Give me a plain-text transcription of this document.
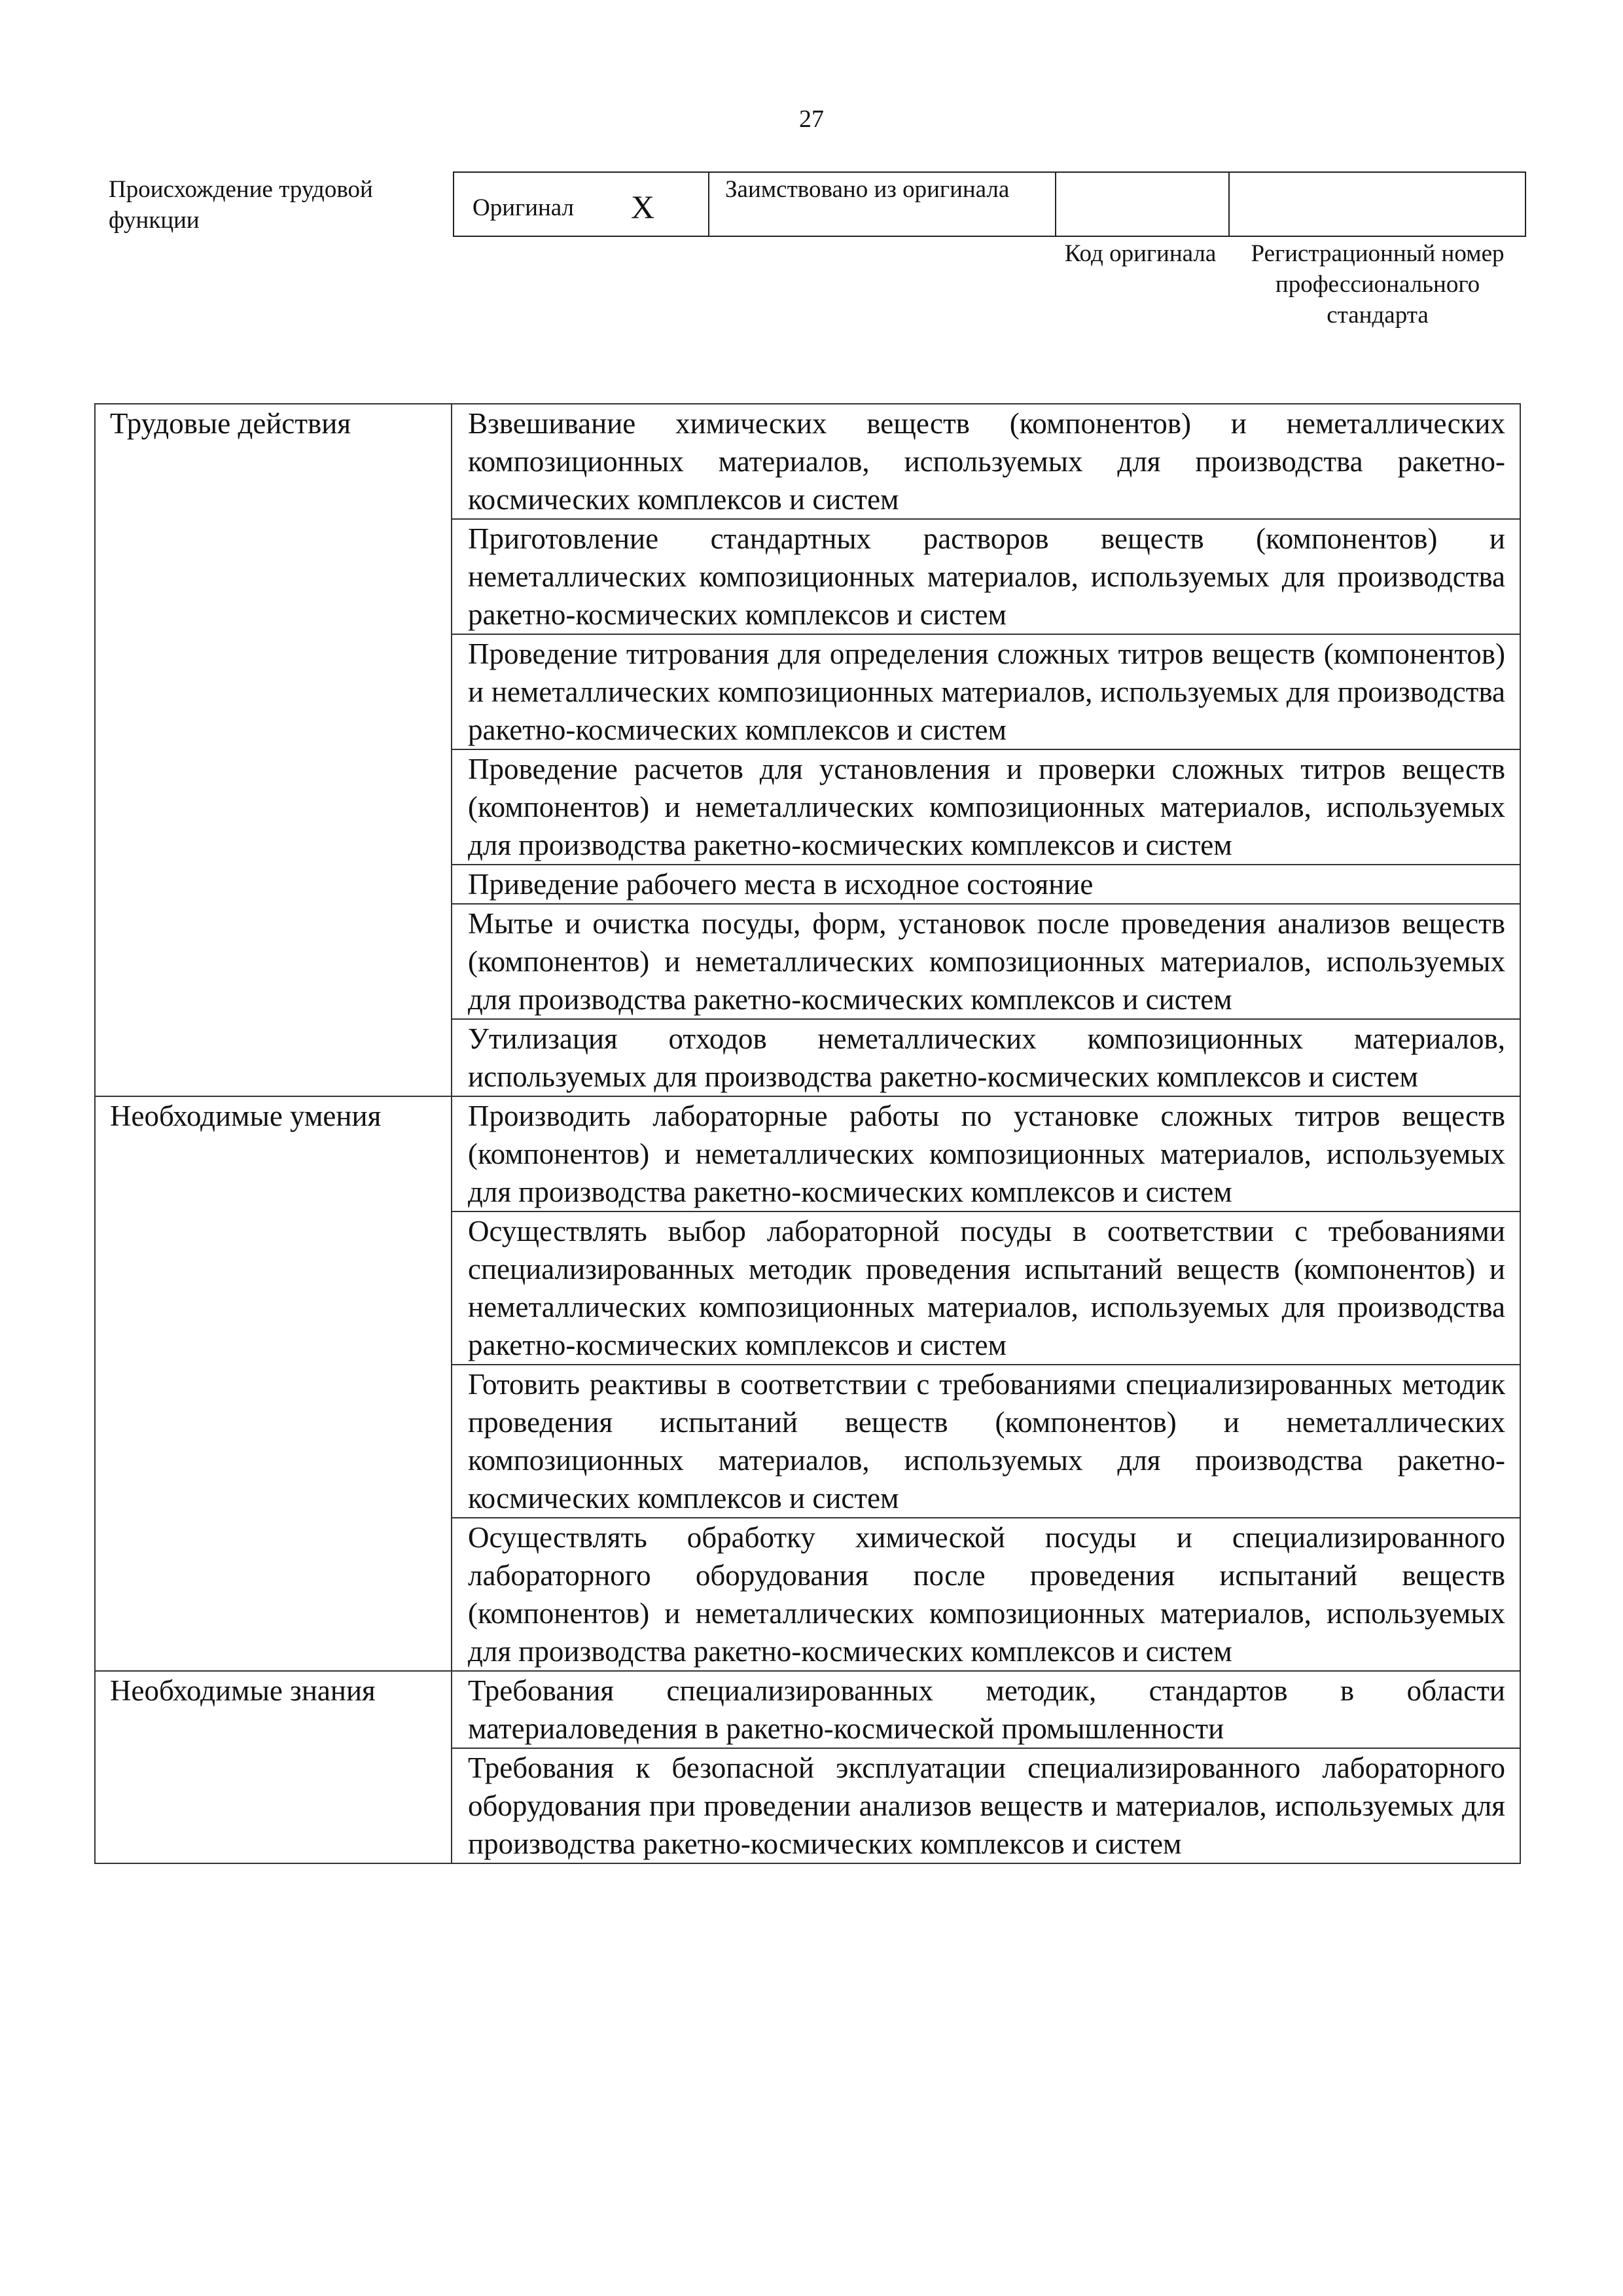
27
Происхождение трудовой функции	Оригинал X	Заимствовано из оригинала
Код оригинала	Регистрационный номер профессионального стандарта
Трудовые действия	Взвешивание химических веществ (компонентов) и неметаллических композиционных материалов, используемых для производства ракетно-космических комплексов и систем
	Приготовление стандартных растворов веществ (компонентов) и неметаллических композиционных материалов, используемых для производства ракетно-космических комплексов и систем
	Проведение титрования для определения сложных титров веществ (компонентов) и неметаллических композиционных материалов, используемых для производства ракетно-космических комплексов и систем
	Проведение расчетов для установления и проверки сложных титров веществ (компонентов) и неметаллических композиционных материалов, используемых для производства ракетно-космических комплексов и систем
	Приведение рабочего места в исходное состояние
	Мытье и очистка посуды, форм, установок после проведения анализов веществ (компонентов) и неметаллических композиционных материалов, используемых для производства ракетно-космических комплексов и систем
	Утилизация отходов неметаллических композиционных материалов, используемых для производства ракетно-космических комплексов и систем
Необходимые умения	Производить лабораторные работы по установке сложных титров веществ (компонентов) и неметаллических композиционных материалов, используемых для производства ракетно-космических комплексов и систем
	Осуществлять выбор лабораторной посуды в соответствии с требованиями специализированных методик проведения испытаний веществ (компонентов) и неметаллических композиционных материалов, используемых для производства ракетно-космических комплексов и систем
	Готовить реактивы в соответствии с требованиями специализированных методик проведения испытаний веществ (компонентов) и неметаллических композиционных материалов, используемых для производства ракетно-космических комплексов и систем
	Осуществлять обработку химической посуды и специализированного лабораторного оборудования после проведения испытаний веществ (компонентов) и неметаллических композиционных материалов, используемых для производства ракетно-космических комплексов и систем
Необходимые знания	Требования специализированных методик, стандартов в области материаловедения в ракетно-космической промышленности
	Требования к безопасной эксплуатации специализированного лабораторного оборудования при проведении анализов веществ и материалов, используемых для производства ракетно-космических комплексов и систем
